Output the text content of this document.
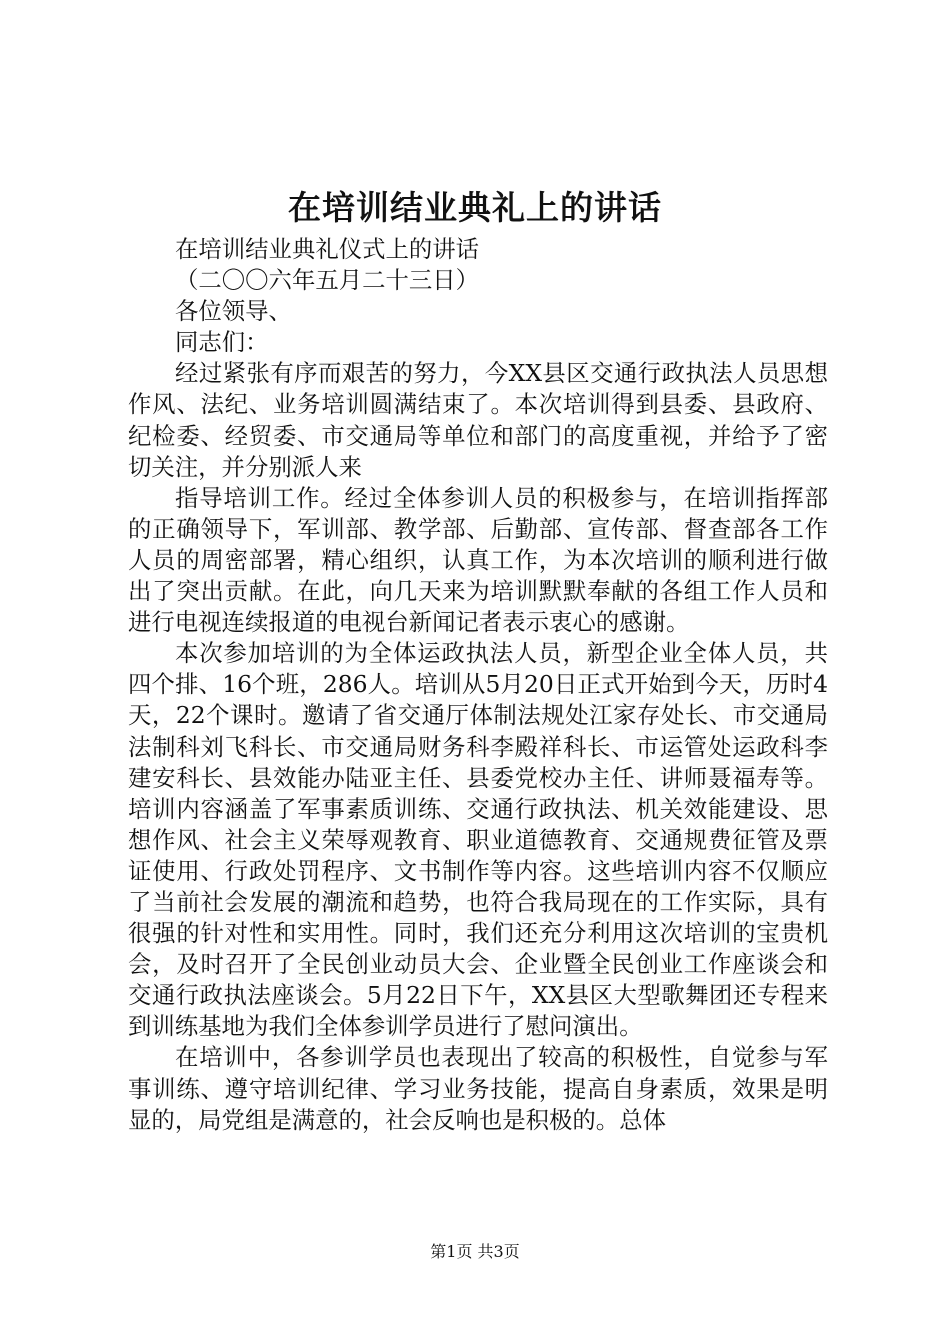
在培训结业典礼上的讲话

在培训结业典礼仪式上的讲话

（二〇〇六年五月二十三日）

各位领导、

同志们：

经过紧张有序而艰苦的努力，今XX县区交通行政执法人员思想作风、法纪、业务培训圆满结束了。本次培训得到县委、县政府、纪检委、经贸委、市交通局等单位和部门的高度重视，并给予了密切关注，并分别派人来

指导培训工作。经过全体参训人员的积极参与，在培训指挥部的正确领导下，军训部、教学部、后勤部、宣传部、督查部各工作人员的周密部署，精心组织，认真工作，为本次培训的顺利进行做出了突出贡献。在此，向几天来为培训默默奉献的各组工作人员和进行电视连续报道的电视台新闻记者表示衷心的感谢。

本次参加培训的为全体运政执法人员，新型企业全体人员，共四个排、16个班，286人。培训从5月20日正式开始到今天，历时4天，22个课时。邀请了省交通厅体制法规处江家存处长、市交通局法制科刘飞科长、市交通局财务科李殿祥科长、市运管处运政科李建安科长、县效能办陆亚主任、县委党校办主任、讲师聂福寿等。培训内容涵盖了军事素质训练、交通行政执法、机关效能建设、思想作风、社会主义荣辱观教育、职业道德教育、交通规费征管及票证使用、行政处罚程序、文书制作等内容。这些培训内容不仅顺应了当前社会发展的潮流和趋势，也符合我局现在的工作实际，具有很强的针对性和实用性。同时，我们还充分利用这次培训的宝贵机会，及时召开了全民创业动员大会、企业暨全民创业工作座谈会和交通行政执法座谈会。5月22日下午，XX县区大型歌舞团还专程来到训练基地为我们全体参训学员进行了慰问演出。

在培训中，各参训学员也表现出了较高的积极性，自觉参与军事训练、遵守培训纪律、学习业务技能，提高自身素质，效果是明显的，局党组是满意的，社会反响也是积极的。总体

第1页 共3页
